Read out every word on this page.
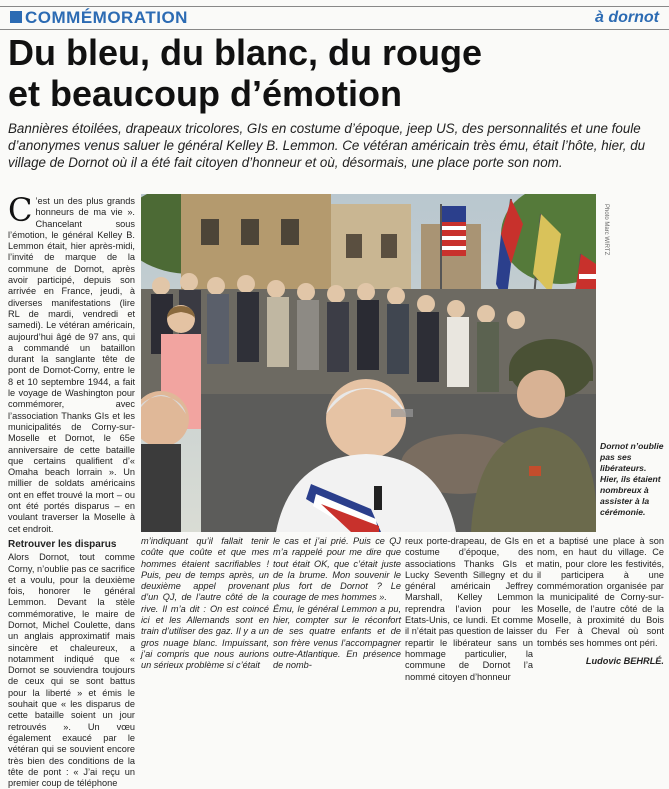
COMMÉMORATION	à dornot
Du bleu, du blanc, du rouge
et beaucoup d’émotion

Bannières étoilées, drapeaux tricolores, GIs en costume d’époque, jeep US, des personnalités et une foule d’anonymes venus saluer le général Kelley B. Lemmon. Ce vétéran américain très ému, était l’hôte, hier, du village de Dornot où il a été fait citoyen d’honneur et où, désormais, une place porte son nom.

C ’est un des plus grands honneurs de ma vie ». Chancelant sous l’émotion, le général Kelley B. Lemmon était, hier après-midi, l’invité de marque de la commune de Dornot, après avoir participé, depuis son arrivée en France, jeudi, à diverses manifestations (lire RL de mardi, vendredi et samedi). Le vétéran américain, aujourd’hui âgé de 97 ans, qui a commandé un bataillon durant la sanglante tête de pont de Dornot-Corny, entre le 8 et 10 septembre 1944, a fait le voyage de Washington pour commémorer, avec l’association Thanks GIs et les municipalités de Corny-sur-Moselle et Dornot, le 65e anniversaire de cette bataille que certains qualifient d’« Omaha beach lorrain ». Un millier de soldats américains ont en effet trouvé la mort – ou ont été portés disparus – en voulant traverser la Moselle à cet endroit.

Retrouver les disparus

Alors Dornot, tout comme Corny, n’oublie pas ce sacrifice et a voulu, pour la deuxième fois, honorer le général Lemmon. Devant la stèle commémorative, le maire de Dornot, Michel Coulette, dans un anglais approximatif mais sincère et chaleureux, a notamment indiqué que « Dornot se souviendra toujours de ceux qui se sont battus pour la liberté » et émis le souhait que « les disparus de cette bataille soient un jour retrouvés ». Un vœu également exaucé par le vétéran qui se souvient encore très bien des conditions de la tête de pont : « J’ai reçu un premier coup de téléphone

Photo Marc WIRTZ
Dornot n’oublie pas ses libérateurs. Hier, ils étaient nombreux à assister à la cérémonie.

m’indiquant qu’il fallait tenir coûte que coûte et que mes hommes étaient sacrifiables ! Puis, peu de temps après, un deuxième appel provenant d’un QJ, de l’autre côté de la rive. Il m’a dit : On est coincé ici et les Allemands sont en train d’utiliser des gaz. Il y a un gros nuage blanc. Impuissant, j’ai compris que nous aurions un sérieux problème si c’était

le cas et j’ai prié. Puis ce QJ m’a rappelé pour me dire que tout était OK, que c’était juste de la brume. Mon souvenir le plus fort de Dornot ? Le courage de mes hommes ».
Ému, le général Lemmon a pu, hier, compter sur le réconfort de ses quatre enfants et de son frère venus l’accompagner outre-Atlantique. En présence de nomb-

reux porte-drapeau, de GIs en costume d’époque, des associations Thanks GIs et Lucky Seventh Sillegny et du général américain Jeffrey Marshall, Kelley Lemmon reprendra l’avion pour les Etats-Unis, ce lundi. Et comme il n’était pas question de laisser repartir le libérateur sans un hommage particulier, la commune de Dornot l’a nommé citoyen d’honneur

et a baptisé une place à son nom, en haut du village. Ce matin, pour clore les festivités, il participera à une commémoration organisée par la municipalité de Corny-sur-Moselle, de l’autre côté de la Moselle, à proximité du Bois du Fer à Cheval où sont tombés ses hommes ont péri.

Ludovic BEHRLÉ.
